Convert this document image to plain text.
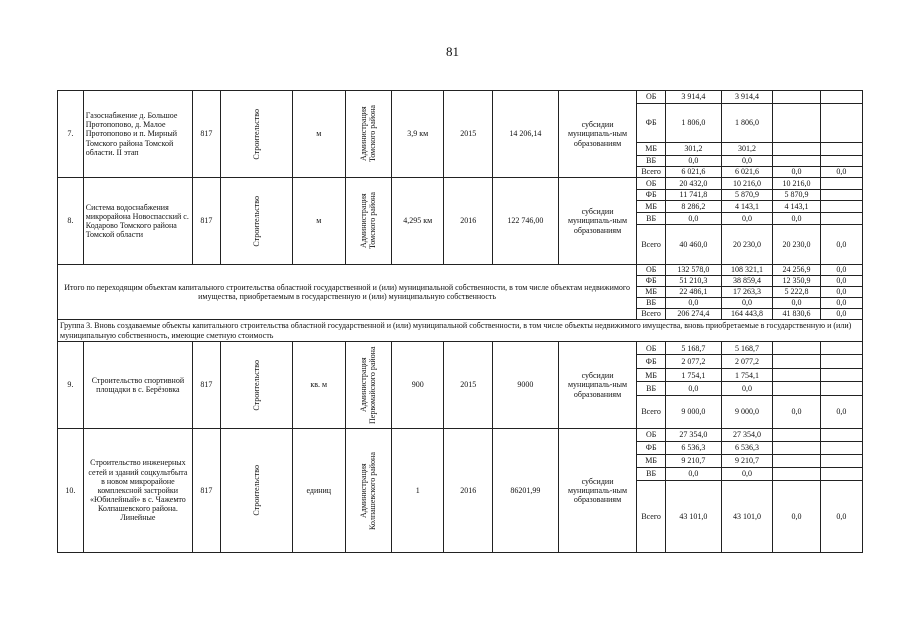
81
7.	Газоснабжение д. Большое Протопопово, д. Малое Протопопово и п. Мирный Томского района Томской области. II этап	817	Строительство	м	Администрация Томского района	3,9 км	2015	14 206,14	субсидии муниципаль-ным образованиям	ОБ	3 914,4	3 914,4		
										ФБ	1 806,0	1 806,0		
										МБ	301,2	301,2		
										ВБ	0,0	0,0		
										Всего	6 021,6	6 021,6	0,0	0,0
8.	Система водоснабжения микрорайона Новоспасский с. Кодарово Томского района Томской области	817	Строительство	м	Администрация Томского района	4,295 км	2016	122 746,00	субсидии муниципаль-ным образованиям	ОБ	20 432,0	10 216,0	10 216,0	
										ФБ	11 741,8	5 870,9	5 870,9	
										МБ	8 286,2	4 143,1	4 143,1	
										ВБ	0,0	0,0	0,0	
										Всего	40 460,0	20 230,0	20 230,0	0,0
Итого по переходящим объектам капитального строительства областной государственной и (или) муниципальной собственности, в том числе объектам недвижимого имущества, приобретаемым в государственную и (или) муниципальную собственность										ОБ	132 578,0	108 321,1	24 256,9	0,0
										ФБ	51 210,3	38 859,4	12 350,9	0,0
										МБ	22 486,1	17 263,3	5 222,8	0,0
										ВБ	0,0	0,0	0,0	0,0
										Всего	206 274,4	164 443,8	41 830,6	0,0
Группа 3. Вновь создаваемые объекты капитального строительства областной государственной и (или) муниципальной собственности, в том числе объекты недвижимого имущества, вновь приобретаемые в государственную и (или) муниципальную собственность, имеющие сметную стоимость														
9.	Строительство спортивной площадки в с. Берёзовка	817	Строительство	кв. м	Администрация Первомайского района	900	2015	9000	субсидии муниципаль-ным образованиям	ОБ	5 168,7	5 168,7		
										ФБ	2 077,2	2 077,2		
										МБ	1 754,1	1 754,1		
										ВБ	0,0	0,0		
										Всего	9 000,0	9 000,0	0,0	0,0
10.	Строительство инженерных сетей и зданий соцкультбыта в новом микрорайоне комплексной застройки «Юбилейный» в с. Чажемто Колпашевского района. Линейные	817	Строительство	единиц	Администрация Колпашевского района	1	2016	86201,99	субсидии муниципаль-ным образованиям	ОБ	27 354,0	27 354,0		
										ФБ	6 536,3	6 536,3		
										МБ	9 210,7	9 210,7		
										ВБ	0,0	0,0		
										Всего	43 101,0	43 101,0	0,0	0,0
